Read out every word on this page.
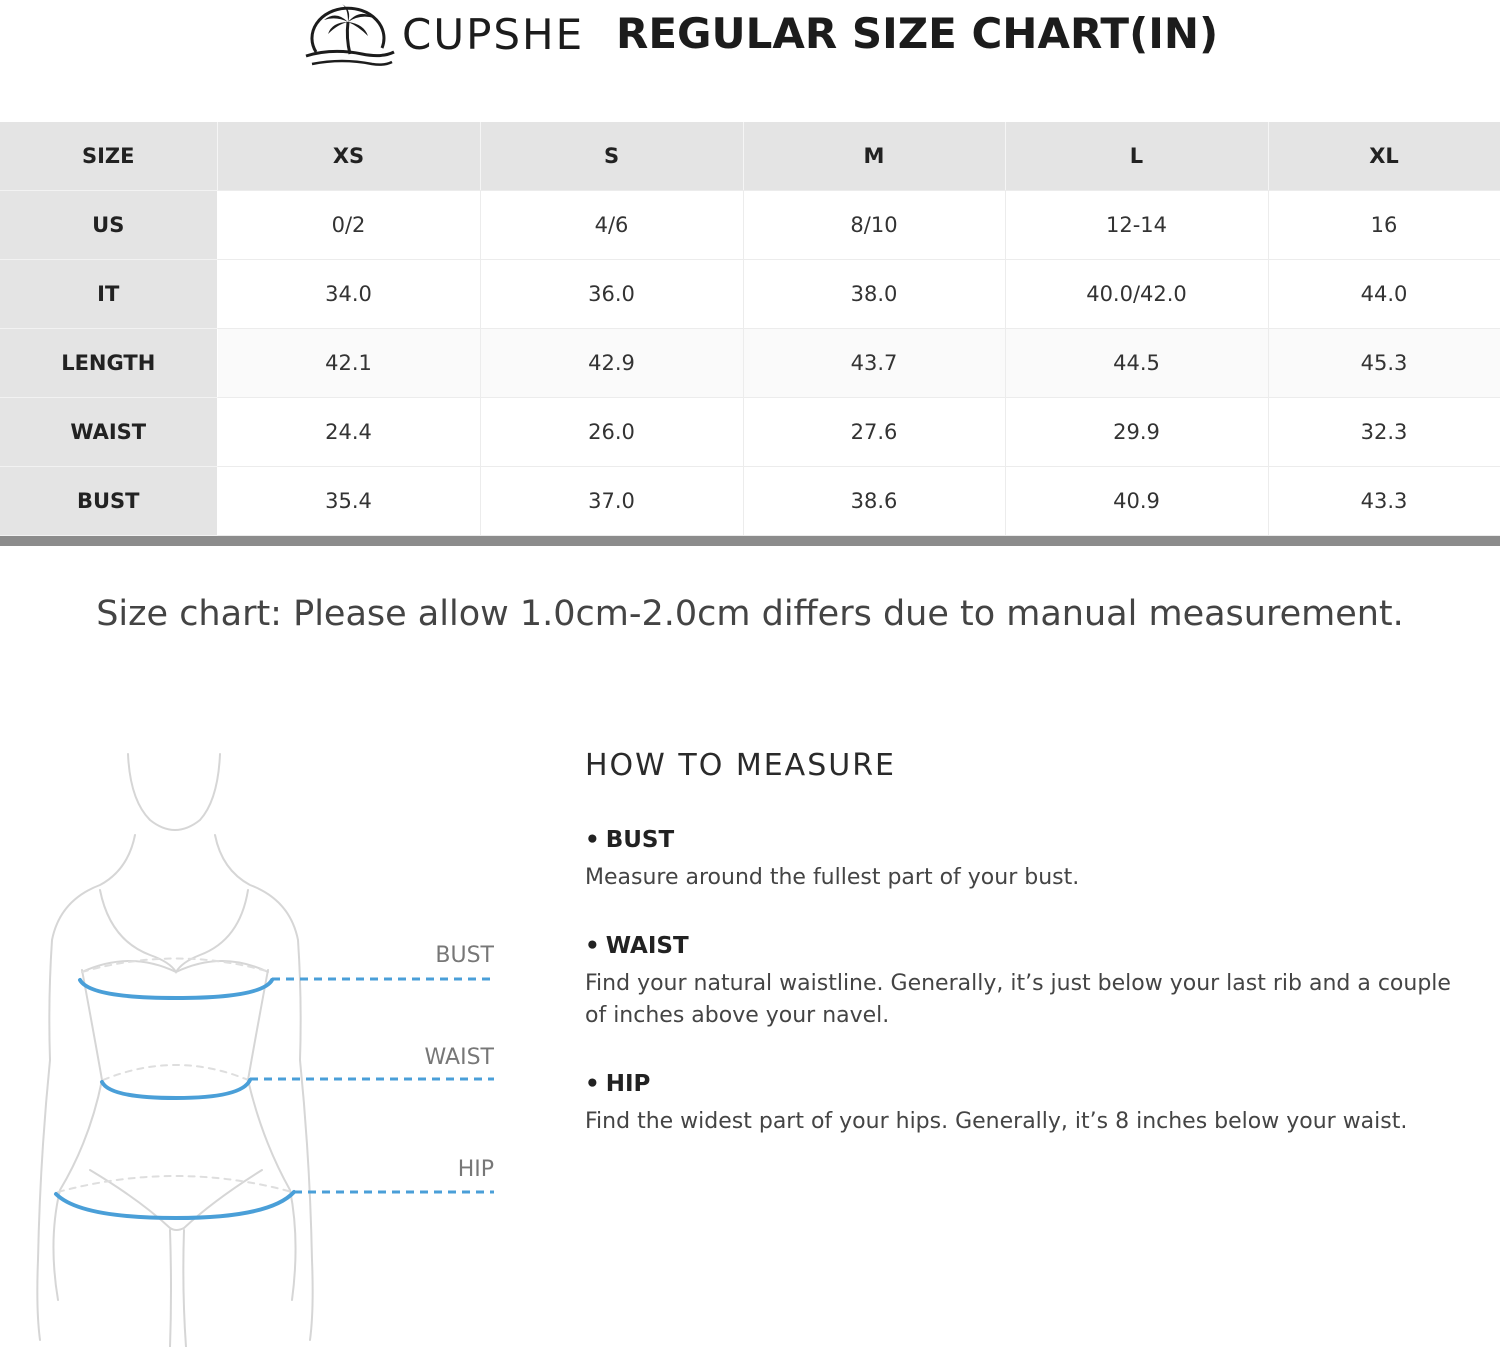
CUPSHE REGULAR SIZE CHART(IN)
SIZE	XS	S	M	L	XL
US	0/2	4/6	8/10	12-14	16
IT	34.0	36.0	38.0	40.0/42.0	44.0
LENGTH	42.1	42.9	43.7	44.5	45.3
WAIST	24.4	26.0	27.6	29.9	32.3
BUST	35.4	37.0	38.6	40.9	43.3
Size chart: Please allow 1.0cm-2.0cm differs due to manual measurement.
BUST
WAIST
HIP
HOW TO MEASURE
• BUST
Measure around the fullest part of your bust.
• WAIST
Find your natural waistline. Generally, it’s just below your last rib and a couple of inches above your navel.
• HIP
Find the widest part of your hips. Generally, it’s 8 inches below your waist.
